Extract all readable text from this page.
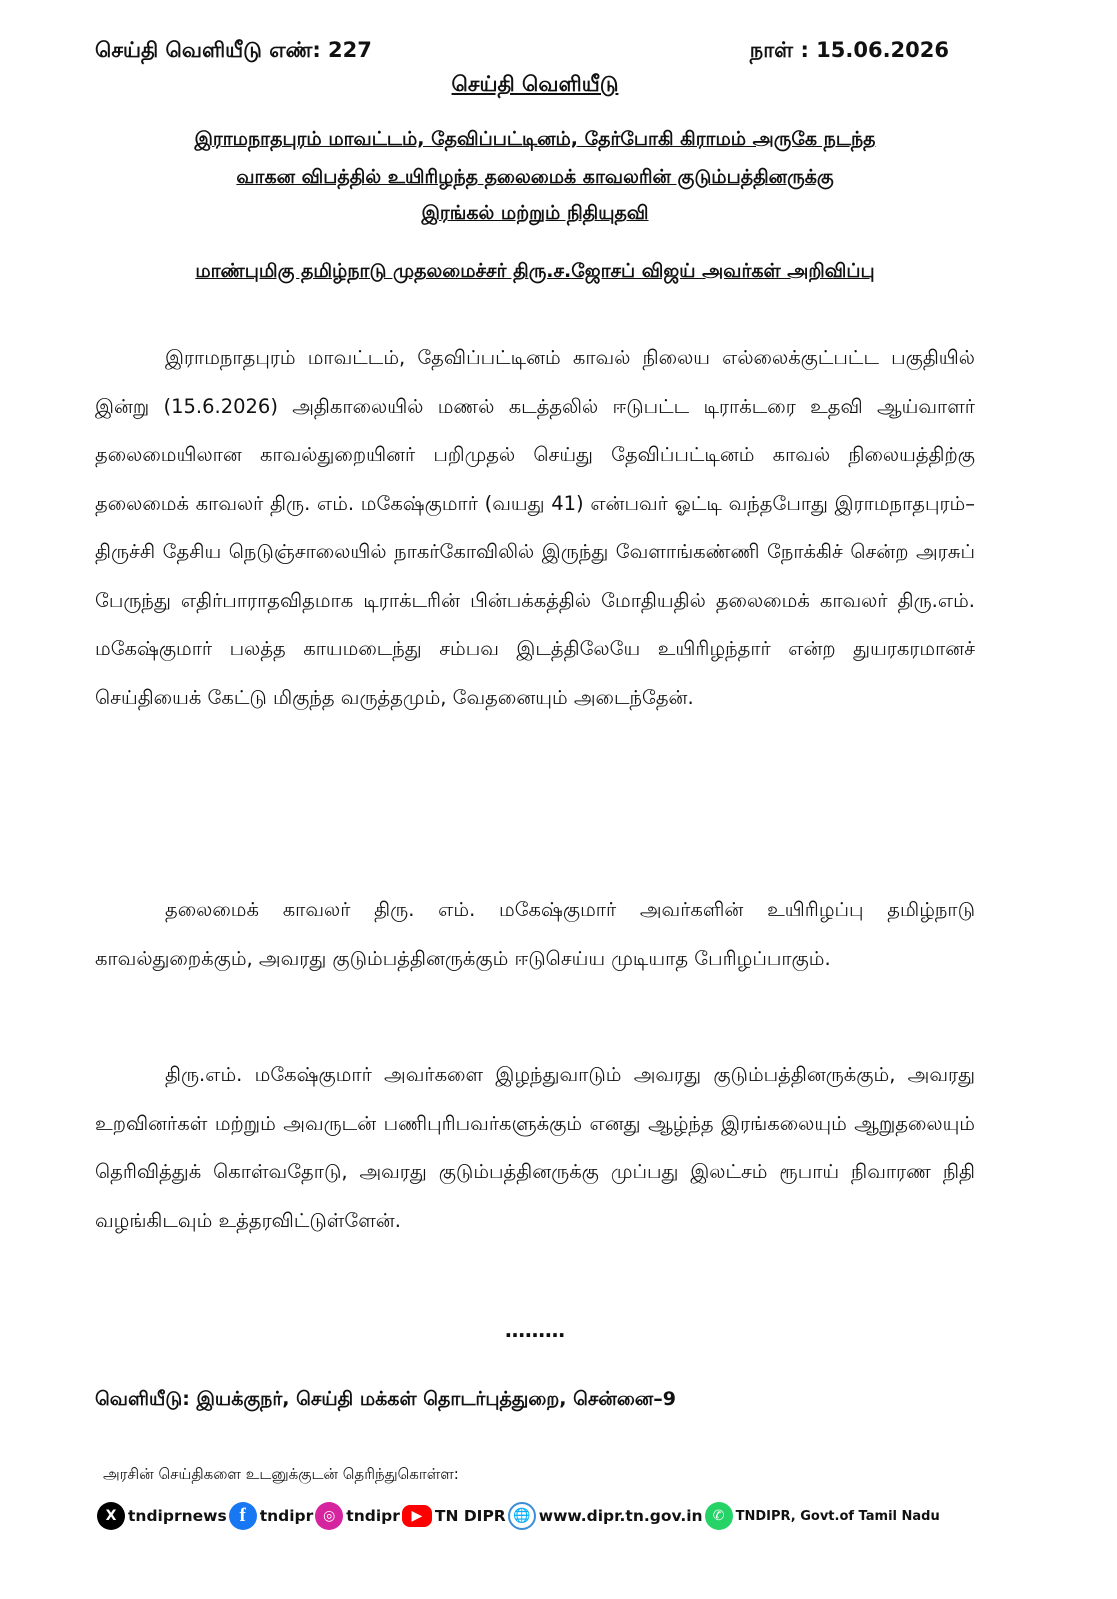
செய்தி வெளியீடு எண்: 227	நாள் : 15.06.2026
செய்தி வெளியீடு
இராமநாதபுரம் மாவட்டம், தேவிப்பட்டினம், தேர்போகி கிராமம் அருகே நடந்த
வாகன விபத்தில் உயிரிழந்த தலைமைக் காவலரின் குடும்பத்தினருக்கு
இரங்கல் மற்றும் நிதியுதவி
மாண்புமிகு தமிழ்நாடு முதலமைச்சர் திரு.ச.ஜோசப் விஜய் அவர்கள் அறிவிப்பு

இராமநாதபுரம் மாவட்டம், தேவிப்பட்டினம் காவல் நிலைய எல்லைக்குட்பட்ட பகுதியில் இன்று (15.6.2026) அதிகாலையில் மணல் கடத்தலில் ஈடுபட்ட டிராக்டரை உதவி ஆய்வாளர் தலைமையிலான காவல்துறையினர் பறிமுதல் செய்து தேவிப்பட்டினம் காவல் நிலையத்திற்கு தலைமைக் காவலர் திரு. எம். மகேஷ்குமார் (வயது 41) என்பவர் ஓட்டி வந்தபோது இராமநாதபுரம்–திருச்சி தேசிய நெடுஞ்சாலையில் நாகர்கோவிலில் இருந்து வேளாங்கண்ணி நோக்கிச் சென்ற அரசுப் பேருந்து எதிர்பாராதவிதமாக டிராக்டரின் பின்பக்கத்தில் மோதியதில் தலைமைக் காவலர் திரு.எம். மகேஷ்குமார் பலத்த காயமடைந்து சம்பவ இடத்திலேயே உயிரிழந்தார் என்ற துயரகரமானச் செய்தியைக் கேட்டு மிகுந்த வருத்தமும், வேதனையும் அடைந்தேன்.

தலைமைக் காவலர் திரு. எம். மகேஷ்குமார் அவர்களின் உயிரிழப்பு தமிழ்நாடு காவல்துறைக்கும், அவரது குடும்பத்தினருக்கும் ஈடுசெய்ய முடியாத பேரிழப்பாகும்.

திரு.எம். மகேஷ்குமார் அவர்களை இழந்துவாடும் அவரது குடும்பத்தினருக்கும், அவரது உறவினர்கள் மற்றும் அவருடன் பணிபுரிபவர்களுக்கும் எனது ஆழ்ந்த இரங்கலையும் ஆறுதலையும் தெரிவித்துக் கொள்வதோடு, அவரது குடும்பத்தினருக்கு முப்பது இலட்சம் ரூபாய் நிவாரண நிதி வழங்கிடவும் உத்தரவிட்டுள்ளேன்.

………
வெளியீடு: இயக்குநர், செய்தி மக்கள் தொடர்புத்துறை, சென்னை–9
அரசின் செய்திகளை உடனுக்குடன் தெரிந்துகொள்ள:
X tndiprnews f tndipr ◎ tndipr ▶ TN DIPR 🌐 www.dipr.tn.gov.in ✆ TNDIPR, Govt.of Tamil Nadu
